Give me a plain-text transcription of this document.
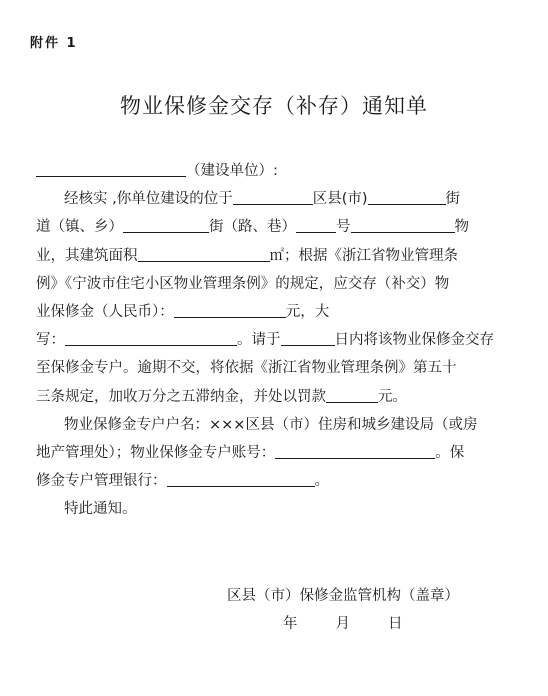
附件 1
物业保修金交存（补存）通知单
（建设单位）:
经核实 ,你单位建设的位于	区县(市)	街
道（镇、乡）	街（路、巷）	号	物
业，其建筑面积	㎡；根据《浙江省物业管理条
例》《宁波市住宅小区物业管理条例》的规定，应交存（补交）物
业保修金（人民币）：	元，大
写：	。请于	日内将该物业保修金交存
至保修金专户。逾期不交，将依据《浙江省物业管理条例》第五十
三条规定，加收万分之五滞纳金，并处以罚款	元。
物业保修金专户户名：×××区县（市）住房和城乡建设局（或房
地产管理处）；物业保修金专户账号：	。保
修金专户管理银行：	。
特此通知。
区县（市）保修金监管机构（盖章）
年	月	日
